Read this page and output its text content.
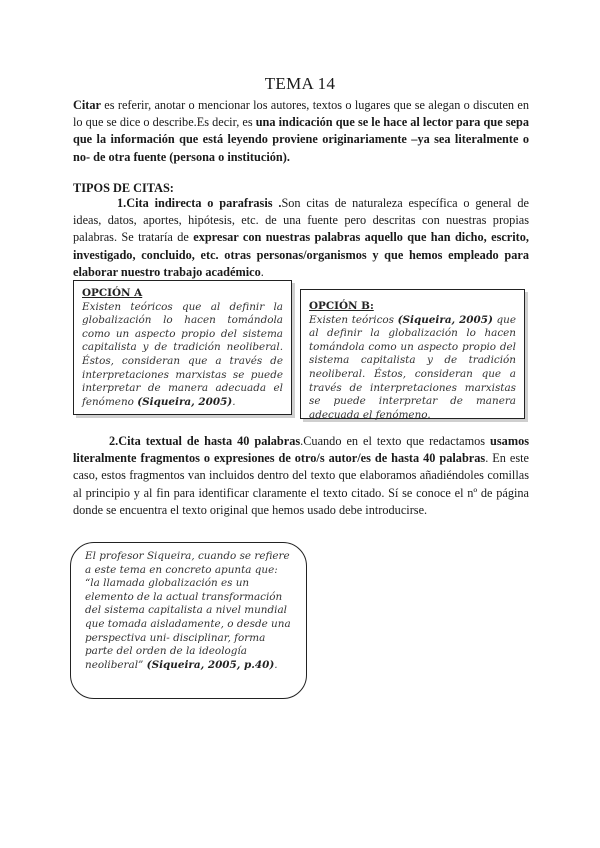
TEMA 14

Citar es referir, anotar o mencionar los autores, textos o lugares que se alegan o discuten en lo que se dice o describe.Es decir, es una indicación que se le hace al lector para que sepa que la información que está leyendo proviene originariamente –ya sea literalmente o no- de otra fuente (persona o institución).

TIPOS DE CITAS:

1.Cita indirecta o parafrasis .Son citas de naturaleza específica o general de ideas, datos, aportes, hipótesis, etc. de una fuente pero descritas con nuestras propias palabras. Se trataría de expresar con nuestras palabras aquello que han dicho, escrito, investigado, concluido, etc. otras personas/organismos y que hemos empleado para elaborar nuestro trabajo académico.

OPCIÓN A
Existen teóricos que al definir la globalización lo hacen tomándola como un aspecto propio del sistema capitalista y de tradición neoliberal. Éstos, consideran que a través de interpretaciones marxistas se puede interpretar de manera adecuada el fenómeno (Siqueira, 2005).
OPCIÓN B:
Existen teóricos (Siqueira, 2005) que al definir la globalización lo hacen tomándola como un aspecto propio del sistema capitalista y de tradición neoliberal. Éstos, consideran que a través de interpretaciones marxistas se puede interpretar de manera adecuada el fenómeno.

2.Cita textual de hasta 40 palabras.Cuando en el texto que redactamos usamos literalmente fragmentos o expresiones de otro/s autor/es de hasta 40 palabras. En este caso, estos fragmentos van incluidos dentro del texto que elaboramos añadiéndoles comillas al principio y al fin para identificar claramente el texto citado. Sí se conoce el nº de página donde se encuentra el texto original que hemos usado debe introducirse.

El profesor Siqueira, cuando se refiere a este tema en concreto apunta que: “la llamada globalización es un elemento de la actual transformación del sistema capitalista a nivel mundial que tomada aisladamente, o desde una perspectiva uni- disciplinar, forma parte del orden de la ideología neoliberal” (Siqueira, 2005, p.40).
